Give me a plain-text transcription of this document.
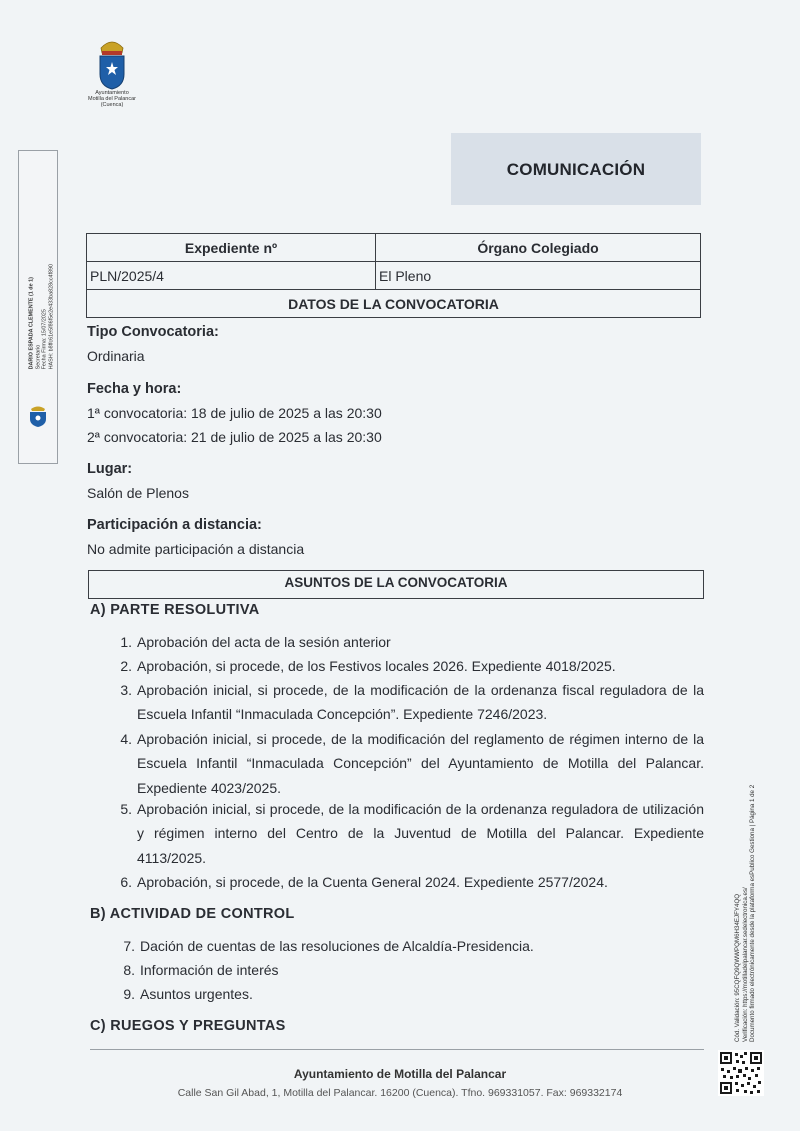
Ayuntamiento
Motilla del Palancar
(Cuenca)
DARIO ESPADA CLEMENTE (1 de 1) Secretario Fecha Firma: 15/07/2025 HASH: b8ffc61e5f86f5e2e433ba828cc4f890
COMUNICACIÓN
Expediente nº	Órgano Colegiado
PLN/2025/4	El Pleno
DATOS DE LA CONVOCATORIA	
Tipo Convocatoria:
Ordinaria
Fecha y hora:
1ª convocatoria: 18 de julio de 2025 a las 20:30
2ª convocatoria: 21 de julio de 2025 a las 20:30
Lugar:
Salón de Plenos
Participación a distancia:
No admite participación a distancia
ASUNTOS DE LA CONVOCATORIA
A) PARTE RESOLUTIVA
1. Aprobación del acta de la sesión anterior
2. Aprobación, si procede, de los Festivos locales 2026. Expediente 4018/2025.
3. Aprobación inicial, si procede, de la modificación de la ordenanza fiscal reguladora de la Escuela Infantil “Inmaculada Concepción”. Expediente 7246/2023.
4. Aprobación inicial, si procede, de la modificación del reglamento de régimen interno de la Escuela Infantil “Inmaculada Concepción” del Ayuntamiento de Motilla del Palancar. Expediente 4023/2025.
5. Aprobación inicial, si procede, de la modificación de la ordenanza reguladora de utilización y régimen interno del Centro de la Juventud de Motilla del Palancar. Expediente 4113/2025.
6. Aprobación, si procede, de la Cuenta General 2024. Expediente 2577/2024.
B) ACTIVIDAD DE CONTROL
7. Dación de cuentas de las resoluciones de Alcaldía-Presidencia.
8. Información de interés
9. Asuntos urgentes.
C) RUEGOS Y PREGUNTAS
Ayuntamiento de Motilla del Palancar
Calle San Gil Abad, 1, Motilla del Palancar. 16200 (Cuenca). Tfno. 969331057. Fax: 969332174
Cód. Validación: 95CQFQ9QWWPQM6H34EJFY4QQ Verificación: https://motilladelpalancar.sedelectronica.es/ Documento firmado electrónicamente desde la plataforma esPublico Gestiona | Página 1 de 2
